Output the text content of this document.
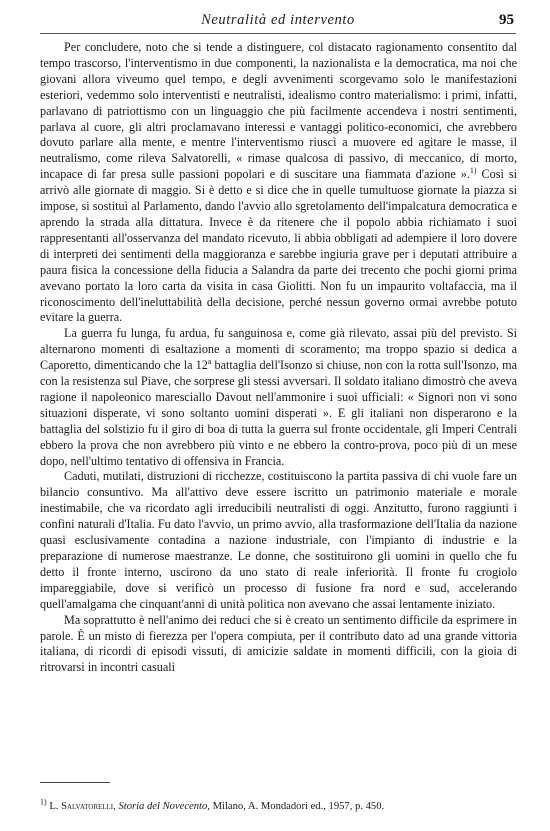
Neutralità ed intervento	95

Per concludere, noto che si tende a distinguere, col distacato ragionamento consentito dal tempo trascorso, l'interventismo in due componenti, la nazionalista e la democratica, ma noi che giovani allora viveumo quel tempo, e degli avvenimenti scorgevamo solo le manifestazioni esteriori, vedemmo solo interventisti e neutralisti, idealismo contro materialismo: i primi, infatti, parlavano di patriottismo con un linguaggio che più facilmente accendeva i nostri sentimenti, parlava al cuore, gli altri proclamavano interessi e vantaggi politico-economici, che avrebbero dovuto parlare alla mente, e mentre l'interventismo riuscì a muovere ed agitare le masse, il neutralismo, come rileva Salvatorelli, « rimase qualcosa di passivo, di meccanico, di morto, incapace di far presa sulle passioni popolari e di suscitare una fiammata d'azione ».$^{1)}$ Così si arrivò alle giornate di maggio. Si è detto e si dice che in quelle tumultuose giornate la piazza si impose, si sostituì al Parlamento, dando l'avvio allo sgretolamento dell'impalcatura democratica e aprendo la strada alla dittatura. Invece è da ritenere che il popolo abbia richiamato i suoi rappresentanti all'osservanza del mandato ricevuto, li abbia obbligati ad adempiere il loro dovere di interpreti dei sentimenti della maggioranza e sarebbe ingiuria grave per i deputati attribuire a paura fisica la concessione della fiducia a Salandra da parte dei trecento che pochi giorni prima avevano portato la loro carta da visita in casa Giolitti. Non fu un impaurito voltafaccia, ma il riconoscimento dell'ineluttabilità della decisione, perché nessun governo ormai avrebbe potuto evitare la guerra.

La guerra fu lunga, fu ardua, fu sanguinosa e, come già rilevato, assai più del previsto. Si alternarono momenti di esaltazione a momenti di scoramento; ma troppo spazio si dedica a Caporetto, dimenticando che la 12$^a$ battaglia dell'Isonzo si chiuse, non con la rotta sull'Isonzo, ma con la resistenza sul Piave, che sorprese gli stessi avversari. Il soldato italiano dimostrò che aveva ragione il napoleonico maresciallo Davout nell'ammonire i suoi ufficiali: « Signori non vi sono situazioni disperate, vi sono soltanto uomini disperati ». E gli italiani non disperarono e la battaglia del solstizio fu il giro di boa di tutta la guerra sul fronte occidentale, gli Imperi Centrali ebbero la prova che non avrebbero più vinto e ne ebbero la contro-prova, poco più di un mese dopo, nell'ultimo tentativo di offensiva in Francia.

Caduti, mutilati, distruzioni di ricchezze, costituiscono la partita passiva di chi vuole fare un bilancio consuntivo. Ma all'attivo deve essere iscritto un patrimonio materiale e morale inestimabile, che va ricordato agli irreducibili neutralisti di oggi. Anzitutto, furono raggiunti i confini naturali d'Italia. Fu dato l'avvio, un primo avvio, alla trasformazione dell'Italia da nazione quasi esclusivamente contadina a nazione industriale, con l'impianto di industrie e la preparazione di numerose maestranze. Le donne, che sostituirono gli uomini in quello che fu detto il fronte interno, uscirono da uno stato di reale inferiorità. Il fronte fu crogiolo impareggiabile, dove si verificò un processo di fusione fra nord e sud, accelerando quell'amalgama che cinquant'anni di unità politica non avevano che assai lentamente iniziato.

Ma soprattutto è nell'animo dei reduci che si è creato un sentimento difficile da esprimere in parole. È un misto di fierezza per l'opera compiuta, per il contributo dato ad una grande vittoria italiana, di ricordi di episodi vissuti, di amicizie saldate in momenti difficili, con la gioia di ritrovarsi in incontri casuali

$^{1)}$ L. Salvatorelli, Storia del Novecento, Milano, A. Mondadori ed., 1957, p. 450.
